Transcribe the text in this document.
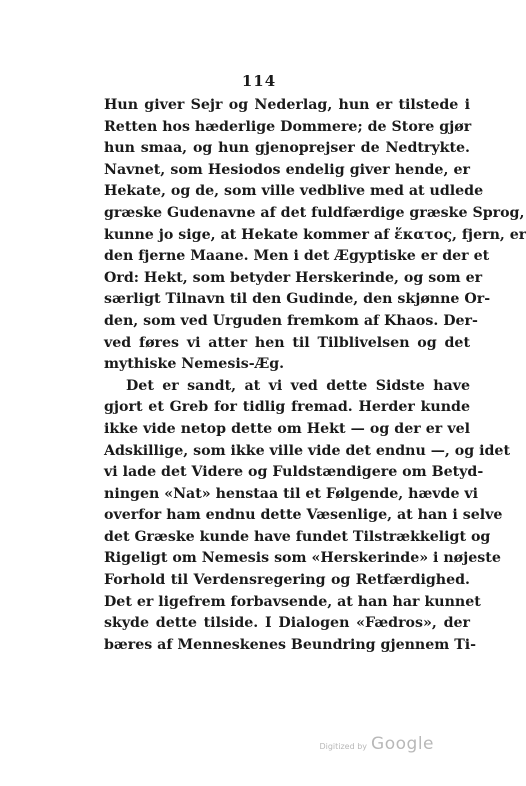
114
Hun giver Sejr og Nederlag, hun er tilstede i
Retten hos hæderlige Dommere; de Store gjør
hun smaa, og hun gjenoprejser de Nedtrykte.
Navnet, som Hesiodos endelig giver hende, er
Hekate, og de, som ville vedblive med at udlede
græske Gudenavne af det fuldfærdige græske Sprog,
kunne jo sige, at Hekate kommer af ἕκατος, fjern, er
den fjerne Maane. Men i det Ægyptiske er der et
Ord: Hekt, som betyder Herskerinde, og som er
særligt Tilnavn til den Gudinde, den skjønne Or-
den, som ved Urguden fremkom af Khaos. Der-
ved føres vi atter hen til Tilblivelsen og det
mythiske Nemesis-Æg.
Det er sandt, at vi ved dette Sidste have
gjort et Greb for tidlig fremad. Herder kunde
ikke vide netop dette om Hekt — og der er vel
Adskillige, som ikke ville vide det endnu —, og idet
vi lade det Videre og Fuldstændigere om Betyd-
ningen «Nat» henstaa til et Følgende, hævde vi
overfor ham endnu dette Væsenlige, at han i selve
det Græske kunde have fundet Tilstrækkeligt og
Rigeligt om Nemesis som «Herskerinde» i nøjeste
Forhold til Verdensregering og Retfærdighed.
Det er ligefrem forbavsende, at han har kunnet
skyde dette tilside. I Dialogen «Fædros», der
bæres af Menneskenes Beundring gjennem Ti-
Digitized by Google
